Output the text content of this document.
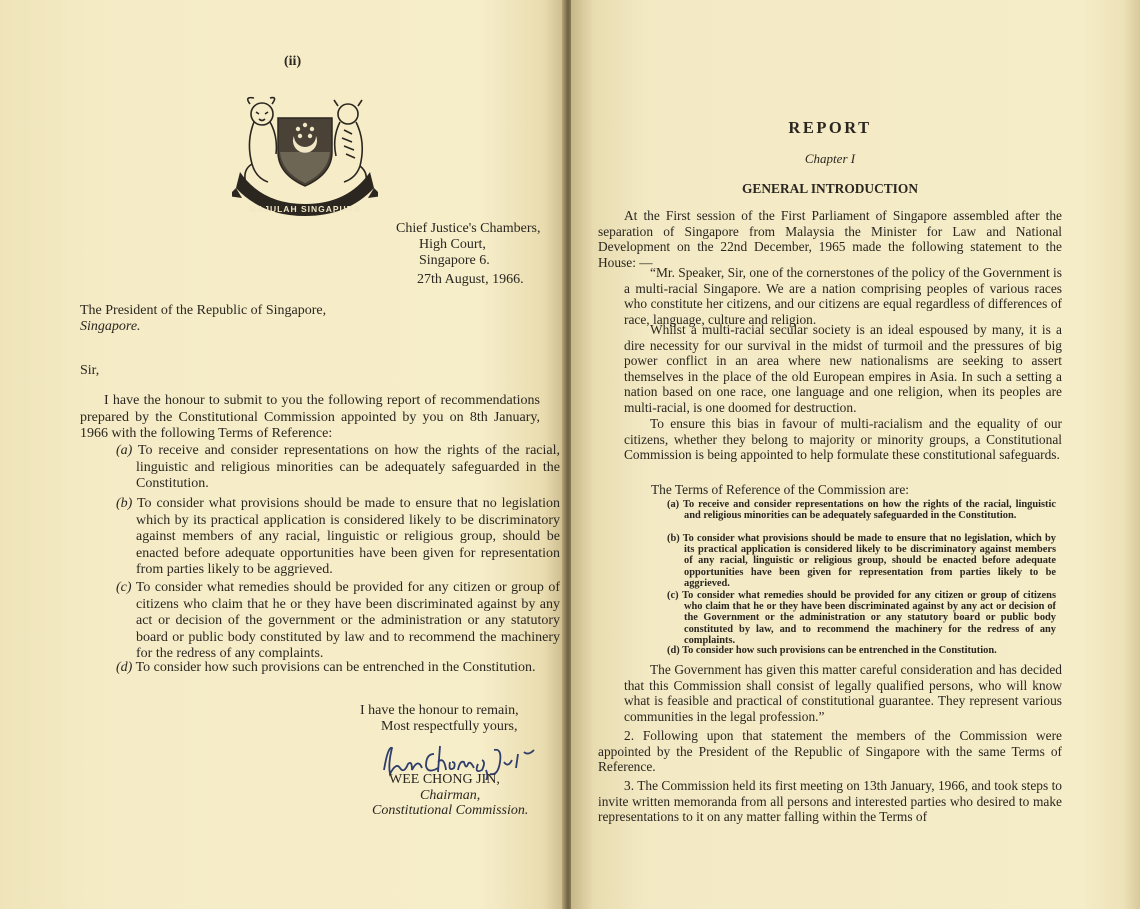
(ii)

MAJULAH SINGAPURA

Chief Justice's Chambers,

High Court,

Singapore 6.

27th August, 1966.

The President of the Republic of Singapore,

Singapore.

Sir,

I have the honour to submit to you the following report of recommendations prepared by the Constitutional Commission appointed by you on 8th January, 1966 with the following Terms of Reference:

(a) To receive and consider representations on how the rights of the racial, linguistic and religious minorities can be adequately safeguarded in the Constitution.
(b) To consider what provisions should be made to ensure that no legislation which by its practical application is considered likely to be discriminatory against members of any racial, linguistic or religious group, should be enacted before adequate opportunities have been given for representation from parties likely to be aggrieved.
(c) To consider what remedies should be provided for any citizen or group of citizens who claim that he or they have been discriminated against by any act or decision of the government or the administration or any statutory board or public body constituted by law and to recommend the machinery for the redress of any complaints.
(d) To consider how such provisions can be entrenched in the Constitution.

I have the honour to remain,

Most respectfully yours,

WEE CHONG JIN,

Chairman,

Constitutional Commission.

REPORT

Chapter I

GENERAL INTRODUCTION

At the First session of the First Parliament of Singapore assembled after the separation of Singapore from Malaysia the Minister for Law and National Development on the 22nd December, 1965 made the following statement to the House: —

“Mr. Speaker, Sir, one of the cornerstones of the policy of the Government is a multi-racial Singapore. We are a nation comprising peoples of various races who constitute her citizens, and our citizens are equal regardless of differences of race, language, culture and religion.

Whilst a multi-racial secular society is an ideal espoused by many, it is a dire necessity for our survival in the midst of turmoil and the pressures of big power conflict in an area where new nationalisms are seeking to assert themselves in the place of the old European empires in Asia. In such a setting a nation based on one race, one language and one religion, when its peoples are multi-racial, is one doomed for destruction.

To ensure this bias in favour of multi-racialism and the equality of our citizens, whether they belong to majority or minority groups, a Constitutional Commission is being appointed to help formulate these constitutional safeguards.

The Terms of Reference of the Commission are:

(a) To receive and consider representations on how the rights of the racial, linguistic and religious minorities can be adequately safeguarded in the Constitution.
(b) To consider what provisions should be made to ensure that no legislation, which by its practical application is considered likely to be discriminatory against members of any racial, linguistic or religious group, should be enacted before adequate opportunities have been given for representation from parties likely to be aggrieved.
(c) To consider what remedies should be provided for any citizen or group of citizens who claim that he or they have been discriminated against by any act or decision of the Government or the administration or any statutory board or public body constituted by law, and to recommend the machinery for the redress of any complaints.
(d) To consider how such provisions can be entrenched in the Constitution.

The Government has given this matter careful consideration and has decided that this Commission shall consist of legally qualified persons, who will know what is feasible and practical of constitutional guarantee. They represent various communities in the legal profession.”

2. Following upon that statement the members of the Commission were appointed by the President of the Republic of Singapore with the same Terms of Reference.

3. The Commission held its first meeting on 13th January, 1966, and took steps to invite written memoranda from all persons and interested parties who desired to make representations to it on any matter falling within the Terms of
